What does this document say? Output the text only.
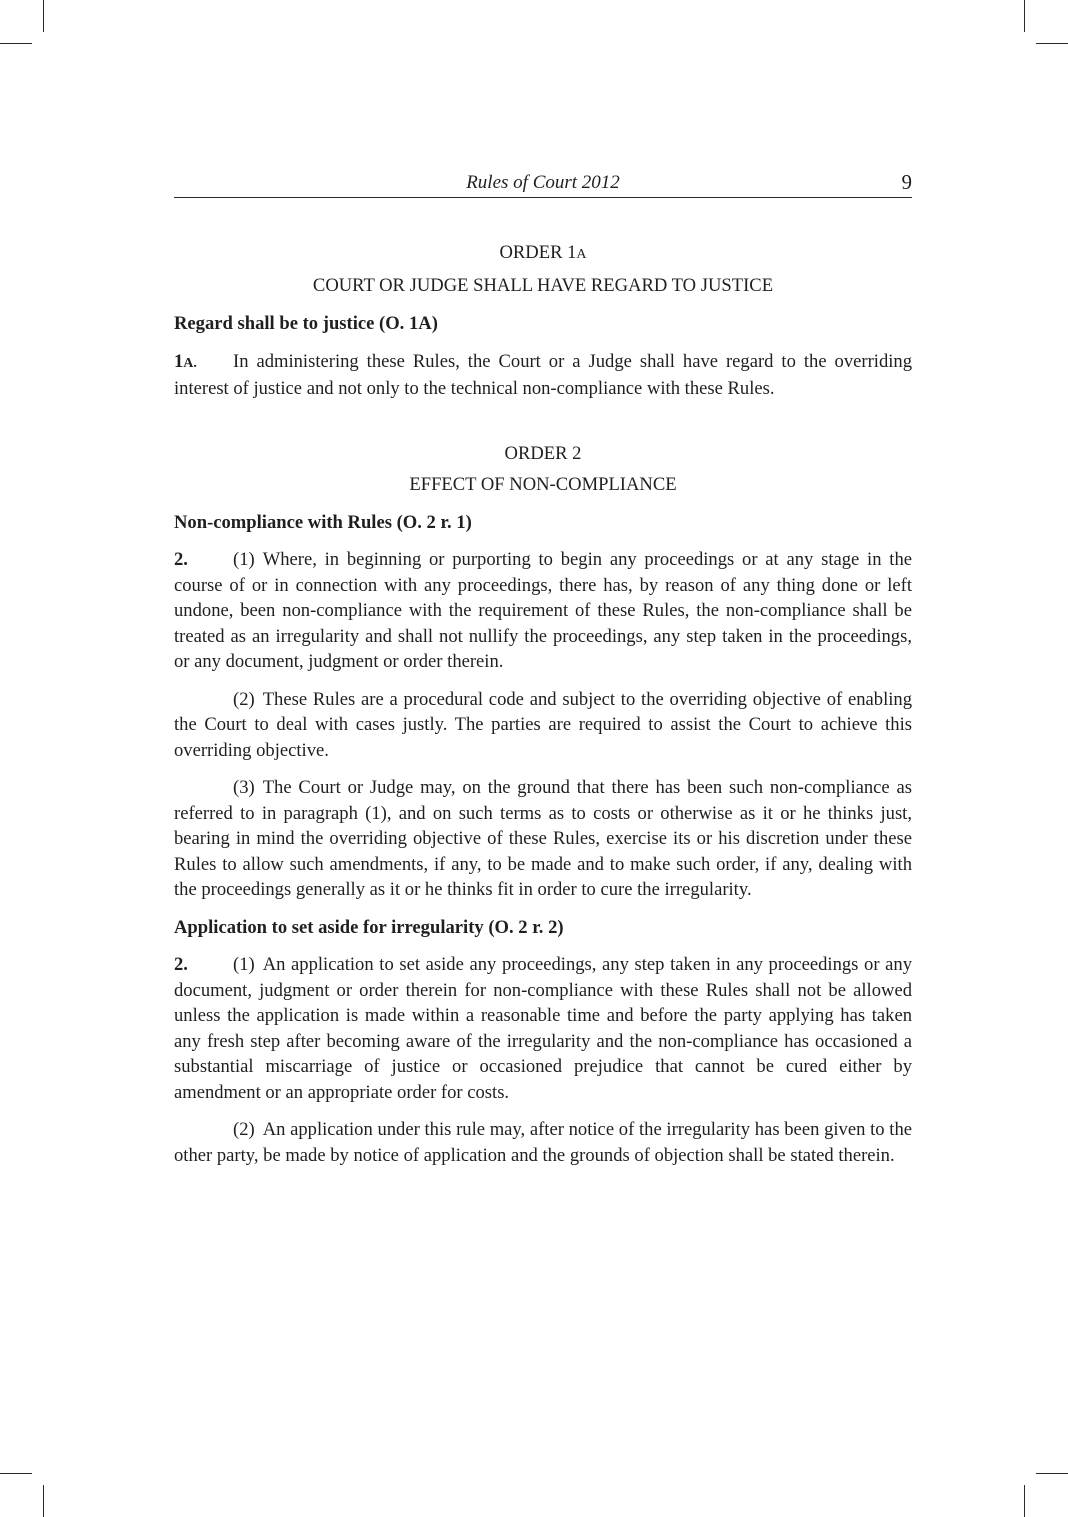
Rules of Court 2012	9

ORDER 1A

COURT OR JUDGE SHALL HAVE REGARD TO JUSTICE

Regard shall be to justice (O. 1A)

1A. In administering these Rules, the Court or a Judge shall have regard to the overriding interest of justice and not only to the technical non-compliance with these Rules.

ORDER 2

EFFECT OF NON-COMPLIANCE

Non-compliance with Rules (O. 2 r. 1)

2. (1) Where, in beginning or purporting to begin any proceedings or at any stage in the course of or in connection with any proceedings, there has, by reason of any thing done or left undone, been non-compliance with the requirement of these Rules, the non-compliance shall be treated as an irregularity and shall not nullify the proceedings, any step taken in the proceedings, or any document, judgment or order therein.

(2) These Rules are a procedural code and subject to the overriding objective of enabling the Court to deal with cases justly. The parties are required to assist the Court to achieve this overriding objective.

(3) The Court or Judge may, on the ground that there has been such non-compliance as referred to in paragraph (1), and on such terms as to costs or otherwise as it or he thinks just, bearing in mind the overriding objective of these Rules, exercise its or his discretion under these Rules to allow such amendments, if any, to be made and to make such order, if any, dealing with the proceedings generally as it or he thinks fit in order to cure the irregularity.

Application to set aside for irregularity (O. 2 r. 2)

2. (1) An application to set aside any proceedings, any step taken in any proceedings or any document, judgment or order therein for non-compliance with these Rules shall not be allowed unless the application is made within a reasonable time and before the party applying has taken any fresh step after becoming aware of the irregularity and the non-compliance has occasioned a substantial miscarriage of justice or occasioned prejudice that cannot be cured either by amendment or an appropriate order for costs.

(2) An application under this rule may, after notice of the irregularity has been given to the other party, be made by notice of application and the grounds of objection shall be stated therein.
